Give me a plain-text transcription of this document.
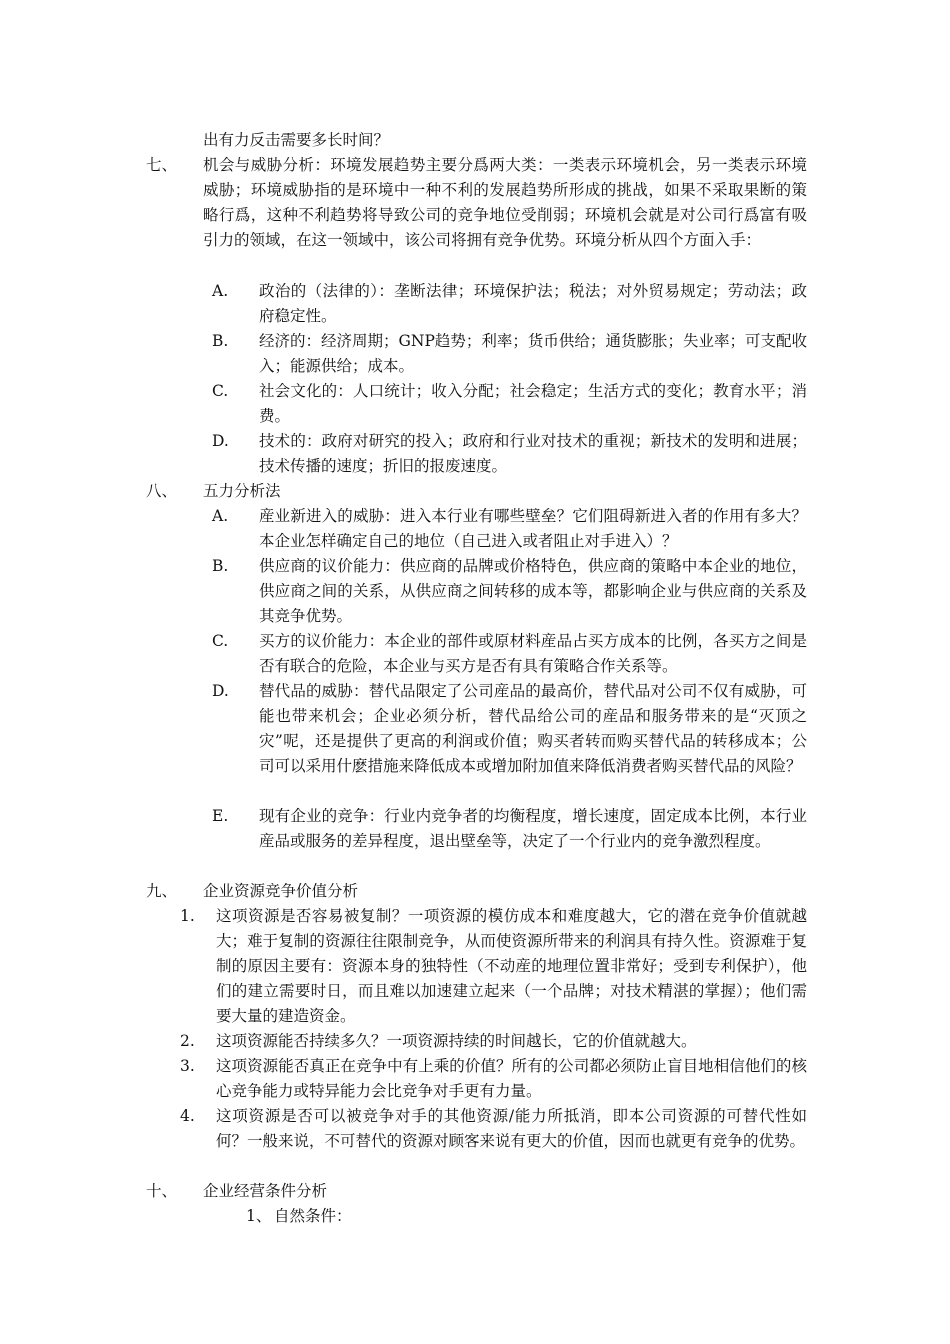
出有力反击需要多长时间？

七、 机会与威胁分析：环境发展趋势主要分爲两大类：一类表示环境机会，另一类表示环境威胁；环境威胁指的是环境中一种不利的发展趋势所形成的挑战，如果不采取果断的策略行爲，这种不利趋势将导致公司的竞争地位受削弱；环境机会就是对公司行爲富有吸引力的领域，在这一领域中，该公司将拥有竞争优势。环境分析从四个方面入手：

A. 政治的（法律的）：垄断法律；环境保护法；税法；对外贸易规定；劳动法；政府稳定性。

B. 经济的：经济周期；GNP趋势；利率；货币供给；通货膨胀；失业率；可支配收入；能源供给；成本。

C. 社会文化的：人口统计；收入分配；社会稳定；生活方式的变化；教育水平；消费。

D. 技术的：政府对研究的投入；政府和行业对技术的重视；新技术的发明和进展；技术传播的速度；折旧的报废速度。

八、 五力分析法
A. 産业新进入的威胁：进入本行业有哪些壁垒？它们阻碍新进入者的作用有多大？本企业怎样确定自己的地位（自己进入或者阻止对手进入）？

B. 供应商的议价能力：供应商的品牌或价格特色，供应商的策略中本企业的地位，供应商之间的关系，从供应商之间转移的成本等，都影响企业与供应商的关系及其竞争优势。

C. 买方的议价能力：本企业的部件或原材料産品占买方成本的比例，各买方之间是否有联合的危险，本企业与买方是否有具有策略合作关系等。

D. 替代品的威胁：替代品限定了公司産品的最高价，替代品对公司不仅有威胁，可能也带来机会；企业必须分析，替代品给公司的産品和服务带来的是“灭顶之灾”呢，还是提供了更高的利润或价值；购买者转而购买替代品的转移成本；公司可以采用什麽措施来降低成本或增加附加值来降低消费者购买替代品的风险？

E. 现有企业的竞争：行业内竞争者的均衡程度，增长速度，固定成本比例，本行业産品或服务的差异程度，退出壁垒等，决定了一个行业内的竞争激烈程度。

九、 企业资源竞争价值分析
1. 这项资源是否容易被复制？一项资源的模仿成本和难度越大，它的潜在竞争价值就越大；难于复制的资源往往限制竞争，从而使资源所带来的利润具有持久性。资源难于复制的原因主要有：资源本身的独特性（不动産的地理位置非常好；受到专利保护），他们的建立需要时日，而且难以加速建立起来（一个品牌；对技术精湛的掌握）；他们需要大量的建造资金。

2. 这项资源能否持续多久？一项资源持续的时间越长，它的价值就越大。

3. 这项资源能否真正在竞争中有上乘的价值？所有的公司都必须防止盲目地相信他们的核心竞争能力或特异能力会比竞争对手更有力量。

4. 这项资源是否可以被竞争对手的其他资源/能力所抵消，即本公司资源的可替代性如何？一般来说，不可替代的资源对顾客来说有更大的价值，因而也就更有竞争的优势。

十、 企业经营条件分析
1、 自然条件：
